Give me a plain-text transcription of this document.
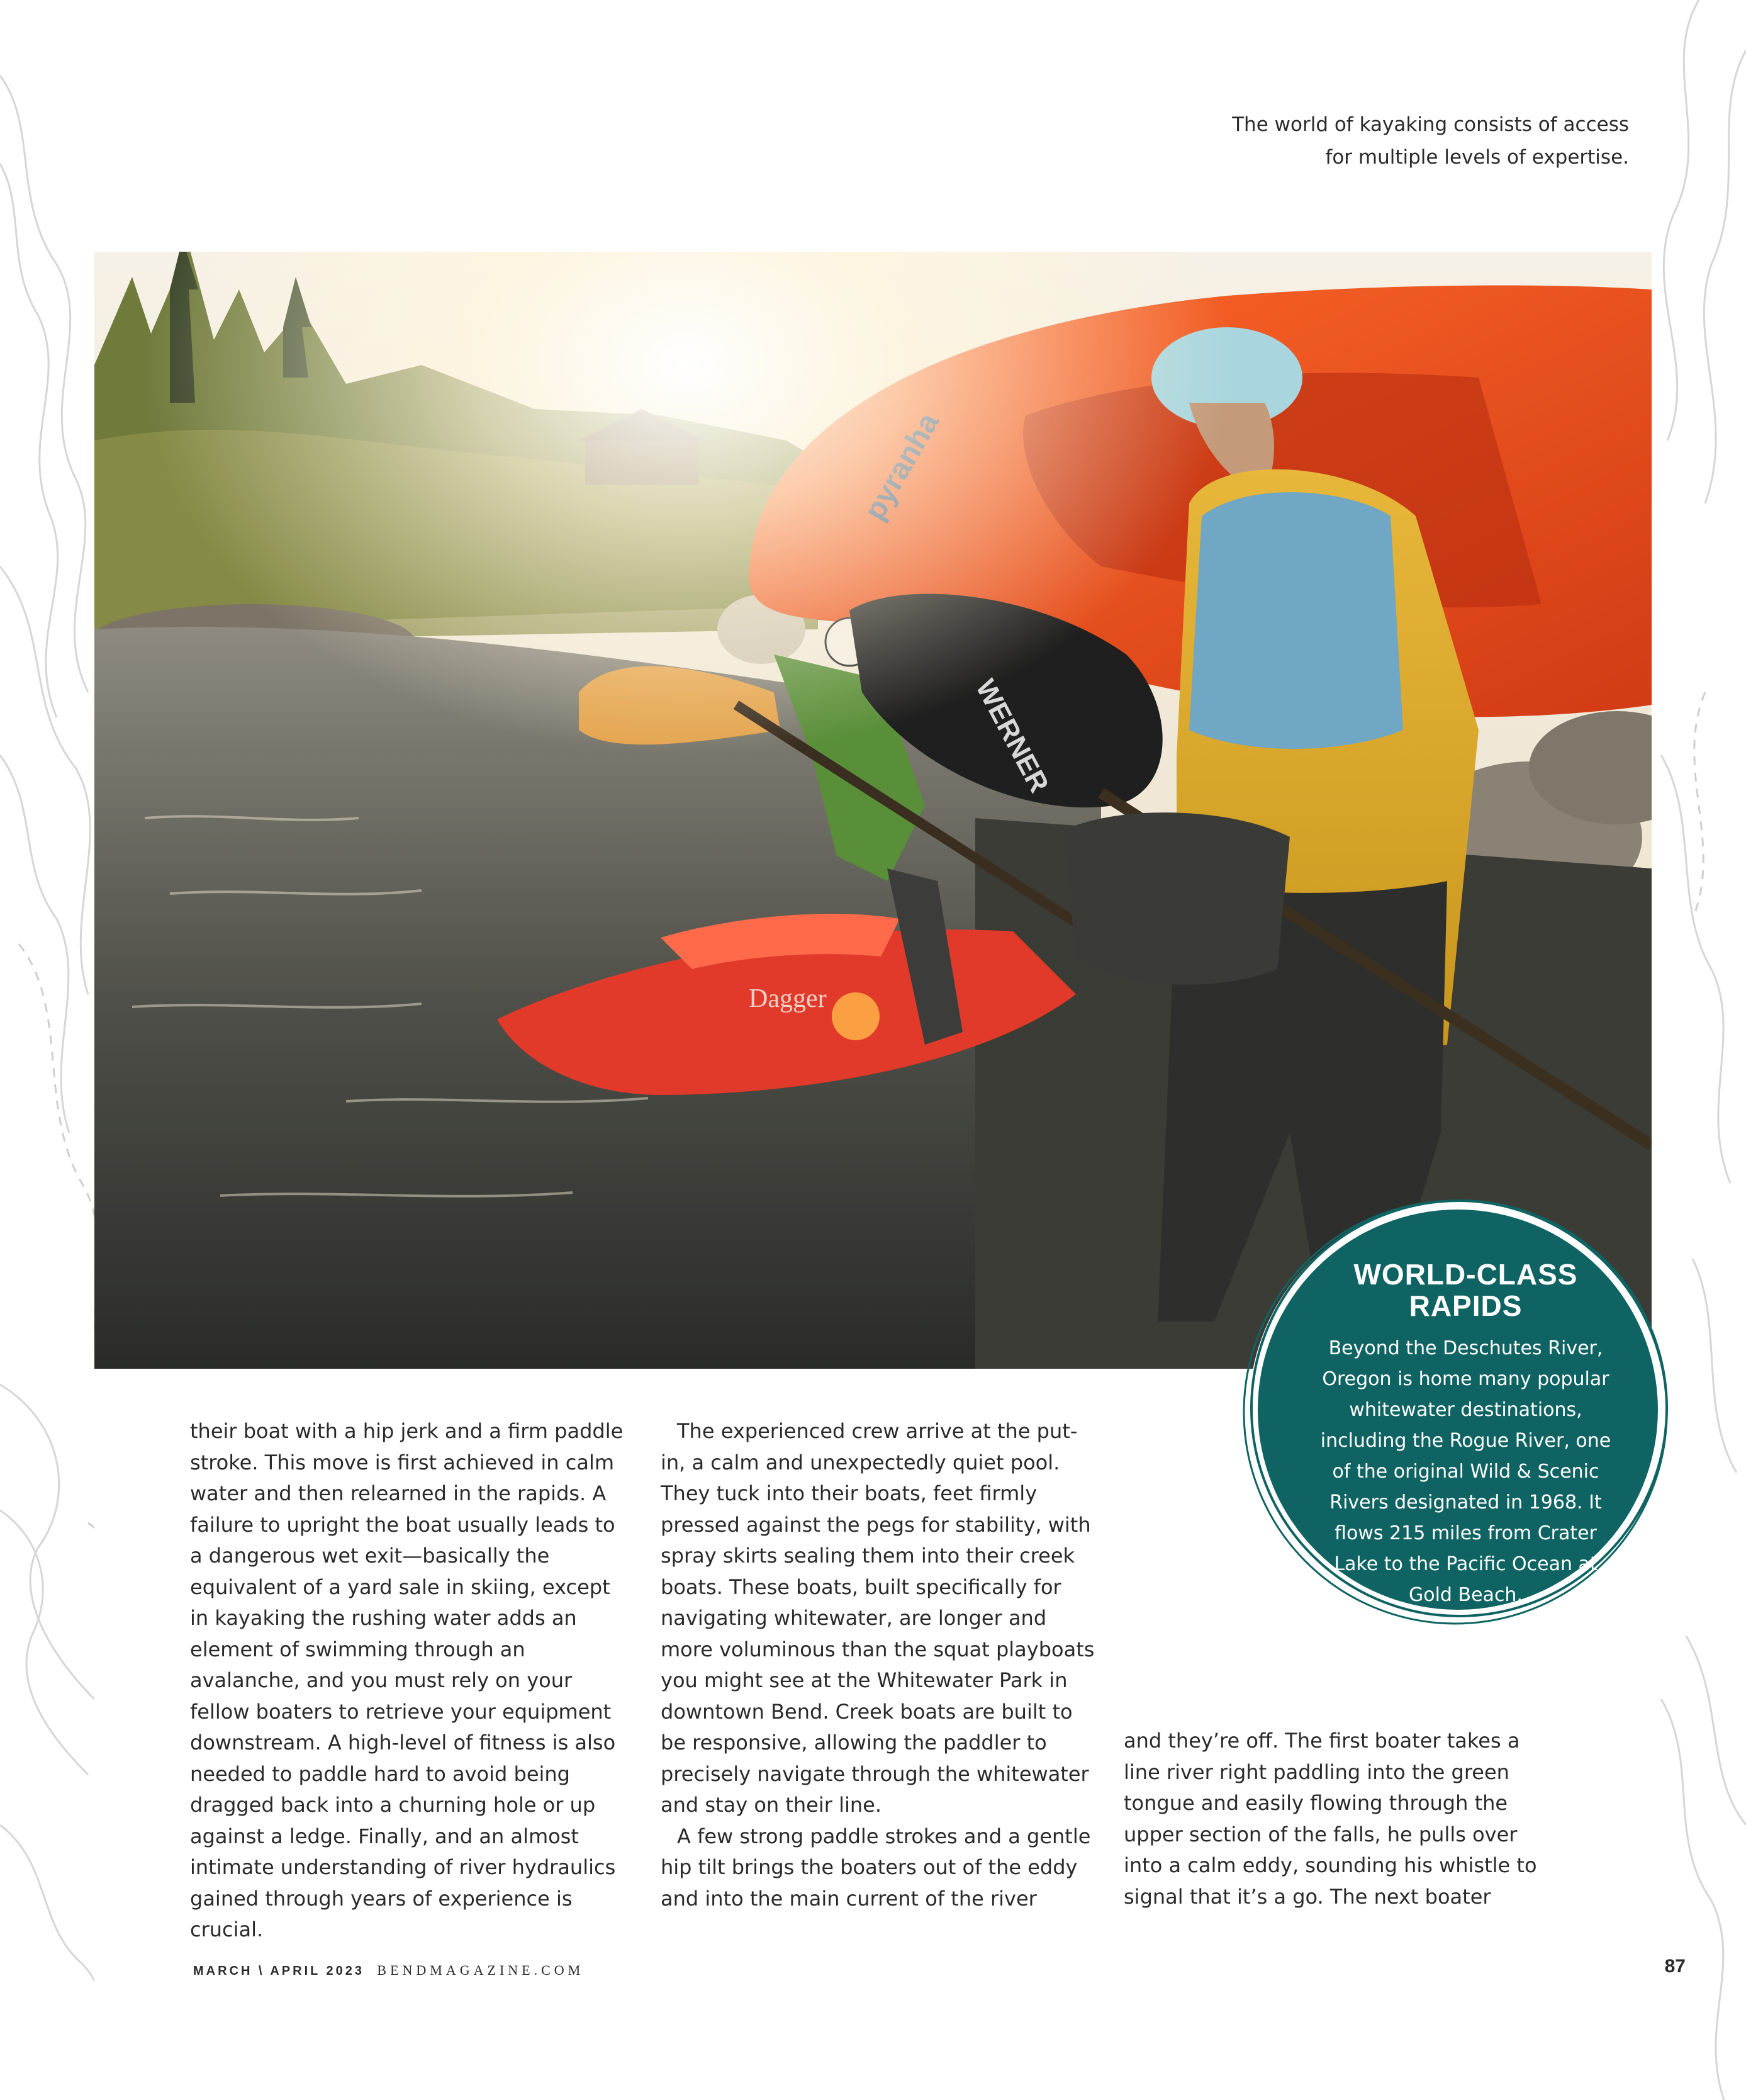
The world of kayaking consists of access
for multiple levels of expertise.
WORLD-CLASS
RAPIDS
Beyond the Deschutes River, Oregon is home many popular whitewater destinations, including the Rogue River, one of the original Wild & Scenic Rivers designated in 1968. It flows 215 miles from Crater Lake to the Pacific Ocean at Gold Beach.

their boat with a hip jerk and a firm paddle stroke. This move is first achieved in calm water and then relearned in the rapids. A failure to upright the boat usually leads to a dangerous wet exit—basically the equivalent of a yard sale in skiing, except in kayaking the rushing water adds an element of swimming through an avalanche, and you must rely on your fellow boaters to retrieve your equipment downstream. A high-level of fitness is also needed to paddle hard to avoid being dragged back into a churning hole or up against a ledge. Finally, and an almost intimate understanding of river hydraulics gained through years of experience is crucial.

The experienced crew arrive at the put-in, a calm and unexpectedly quiet pool. They tuck into their boats, feet firmly pressed against the pegs for stability, with spray skirts sealing them into their creek boats. These boats, built specifically for navigating whitewater, are longer and more voluminous than the squat playboats you might see at the Whitewater Park in downtown Bend. Creek boats are built to be responsive, allowing the paddler to precisely navigate through the whitewater and stay on their line.

A few strong paddle strokes and a gentle hip tilt brings the boaters out of the eddy and into the main current of the river

and they’re off. The first boater takes a line river right paddling into the green tongue and easily flowing through the upper section of the falls, he pulls over into a calm eddy, sounding his whistle to signal that it’s a go. The next boater

MARCH \ APRIL 2023 BENDMAGAZINE.COM	87
